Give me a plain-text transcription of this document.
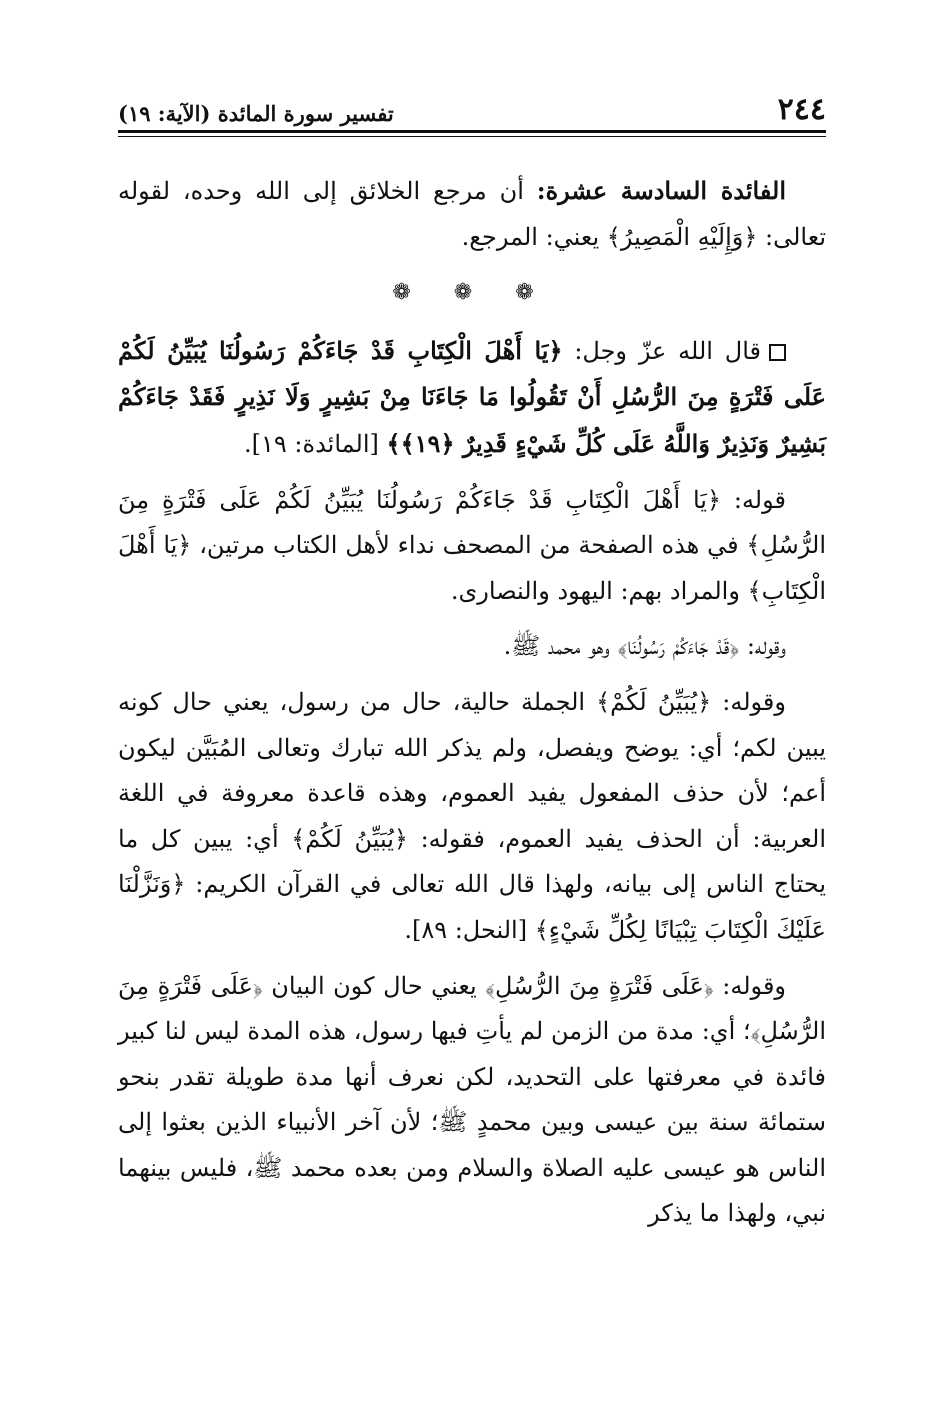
٢٤٤
تفسير سورة المائدة (الآية: ١٩)

الفائدة السادسة عشرة: أن مرجع الخلائق إلى الله وحده، لقوله تعالى: ﴿وَإِلَيْهِ الْمَصِيرُ﴾ يعني: المرجع.

❁ ❁ ❁

قال الله عزّ وجل: ﴿يَا أَهْلَ الْكِتَابِ قَدْ جَاءَكُمْ رَسُولُنَا يُبَيِّنُ لَكُمْ عَلَى فَتْرَةٍ مِنَ الرُّسُلِ أَنْ تَقُولُوا مَا جَاءَنَا مِنْ بَشِيرٍ وَلَا نَذِيرٍ فَقَدْ جَاءَكُمْ بَشِيرٌ وَنَذِيرٌ وَاللَّهُ عَلَى كُلِّ شَيْءٍ قَدِيرٌ ﴿١٩﴾﴾ [المائدة: ١٩].

قوله: ﴿يَا أَهْلَ الْكِتَابِ قَدْ جَاءَكُمْ رَسُولُنَا يُبَيِّنُ لَكُمْ عَلَى فَتْرَةٍ مِنَ الرُّسُلِ﴾ في هذه الصفحة من المصحف نداء لأهل الكتاب مرتين، ﴿يَا أَهْلَ الْكِتَابِ﴾ والمراد بهم: اليهود والنصارى.

وقوله: ﴿قَدْ جَاءَكُمْ رَسُولُنَا﴾ وهو محمد ﷺ.

وقوله: ﴿يُبَيِّنُ لَكُمْ﴾ الجملة حالية، حال من رسول، يعني حال كونه يبين لكم؛ أي: يوضح ويفصل، ولم يذكر الله تبارك وتعالى المُبَيَّن ليكون أعم؛ لأن حذف المفعول يفيد العموم، وهذه قاعدة معروفة في اللغة العربية: أن الحذف يفيد العموم، فقوله: ﴿يُبَيِّنُ لَكُمْ﴾ أي: يبين كل ما يحتاج الناس إلى بيانه، ولهذا قال الله تعالى في القرآن الكريم: ﴿وَنَزَّلْنَا عَلَيْكَ الْكِتَابَ تِبْيَانًا لِكُلِّ شَيْءٍ﴾ [النحل: ٨٩].

وقوله: ﴿عَلَى فَتْرَةٍ مِنَ الرُّسُلِ﴾ يعني حال كون البيان ﴿عَلَى فَتْرَةٍ مِنَ الرُّسُلِ﴾؛ أي: مدة من الزمن لم يأتِ فيها رسول، هذه المدة ليس لنا كبير فائدة في معرفتها على التحديد، لكن نعرف أنها مدة طويلة تقدر بنحو ستمائة سنة بين عيسى وبين محمدٍ ﷺ؛ لأن آخر الأنبياء الذين بعثوا إلى الناس هو عيسى عليه الصلاة والسلام ومن بعده محمد ﷺ، فليس بينهما نبي، ولهذا ما يذكر
